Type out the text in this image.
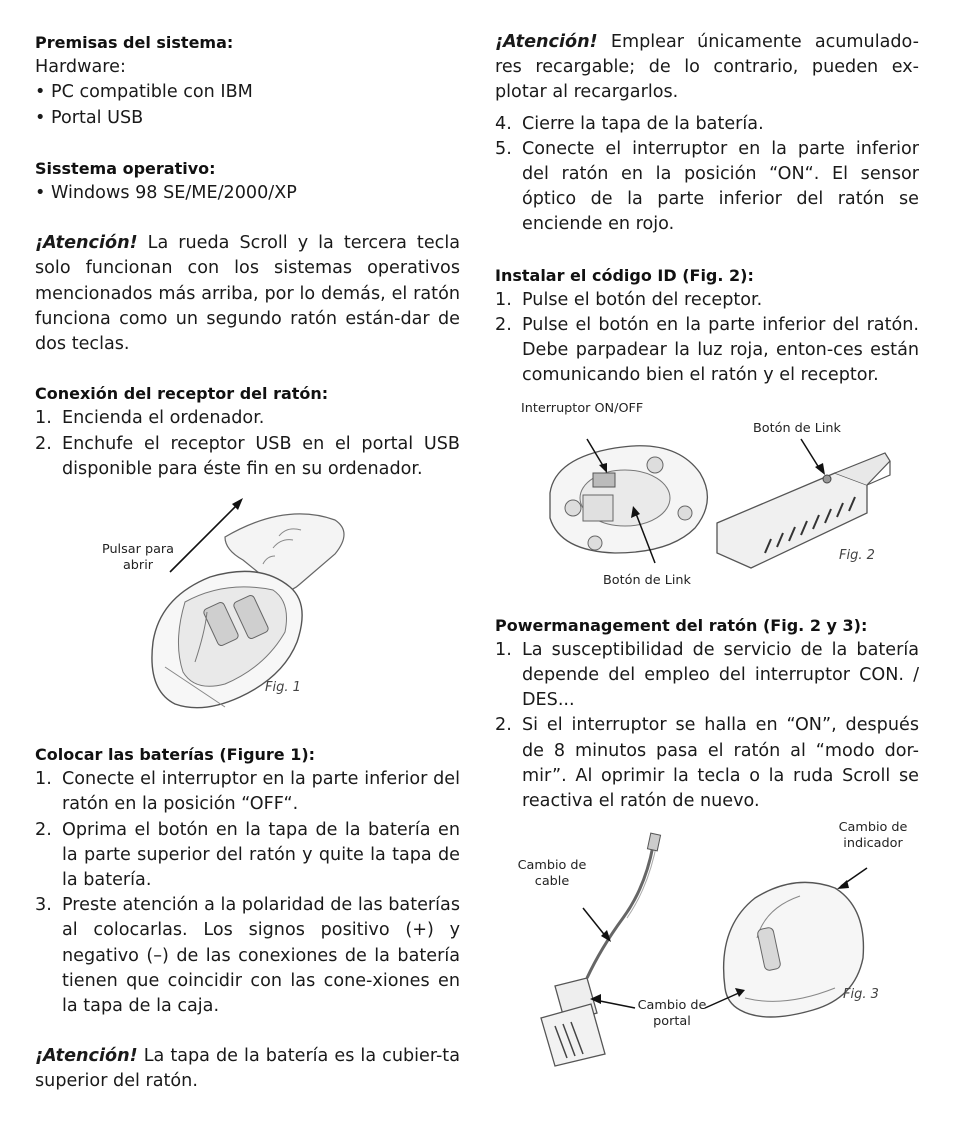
Premisas del sistema:

Hardware:

• PC compatible con IBM

• Portal USB

Sisstema operativo:

• Windows 98 SE/ME/2000/XP

¡Atención! La rueda Scroll y la tercera tecla solo funcionan con los sistemas operativos mencionados más arriba, por lo demás, el ratón funciona como un segundo ratón están-dar de dos teclas.

Conexión del receptor del ratón:
1. Encienda el ordenador.
2. Enchufe el receptor USB en el portal USB disponible para éste fin en su ordenador.
Pulsar para abrir
Fig. 1
Colocar las baterías (Figure 1):
1. Conecte el interruptor en la parte inferior del ratón en la posición “OFF“.
2. Oprima el botón en la tapa de la batería en la parte superior del ratón y quite la tapa de la batería.
3. Preste atención a la polaridad de las baterías al colocarlas. Los signos positivo (+) y negativo (–) de las conexiones de la batería tienen que coincidir con las cone-xiones en la tapa de la caja.

¡Atención! La tapa de la batería es la cubier-ta superior del ratón.

¡Atención! Emplear únicamente acumulado-res recargable; de lo contrario, pueden ex-plotar al recargarlos.

4. Cierre la tapa de la batería.
5. Conecte el interruptor en la parte inferior del ratón en la posición “ON“. El sensor óptico de la parte inferior del ratón se enciende en rojo.
Instalar el código ID (Fig. 2):
1. Pulse el botón del receptor.
2. Pulse el botón en la parte inferior del ratón. Debe parpadear la luz roja, enton-ces están comunicando bien el ratón y el receptor.
Interruptor ON/OFF
Botón de Link
Botón de Link
Fig. 2
Powermanagement del ratón (Fig. 2 y 3):
1. La susceptibilidad de servicio de la batería depende del empleo del interruptor CON. / DES...
2. Si el interruptor se halla en “ON”, después de 8 minutos pasa el ratón al “modo dor-mir”. Al oprimir la tecla o la ruda Scroll se reactiva el ratón de nuevo.
Cambio de indicador
Cambio de cable
Cambio de portal
Fig. 3
